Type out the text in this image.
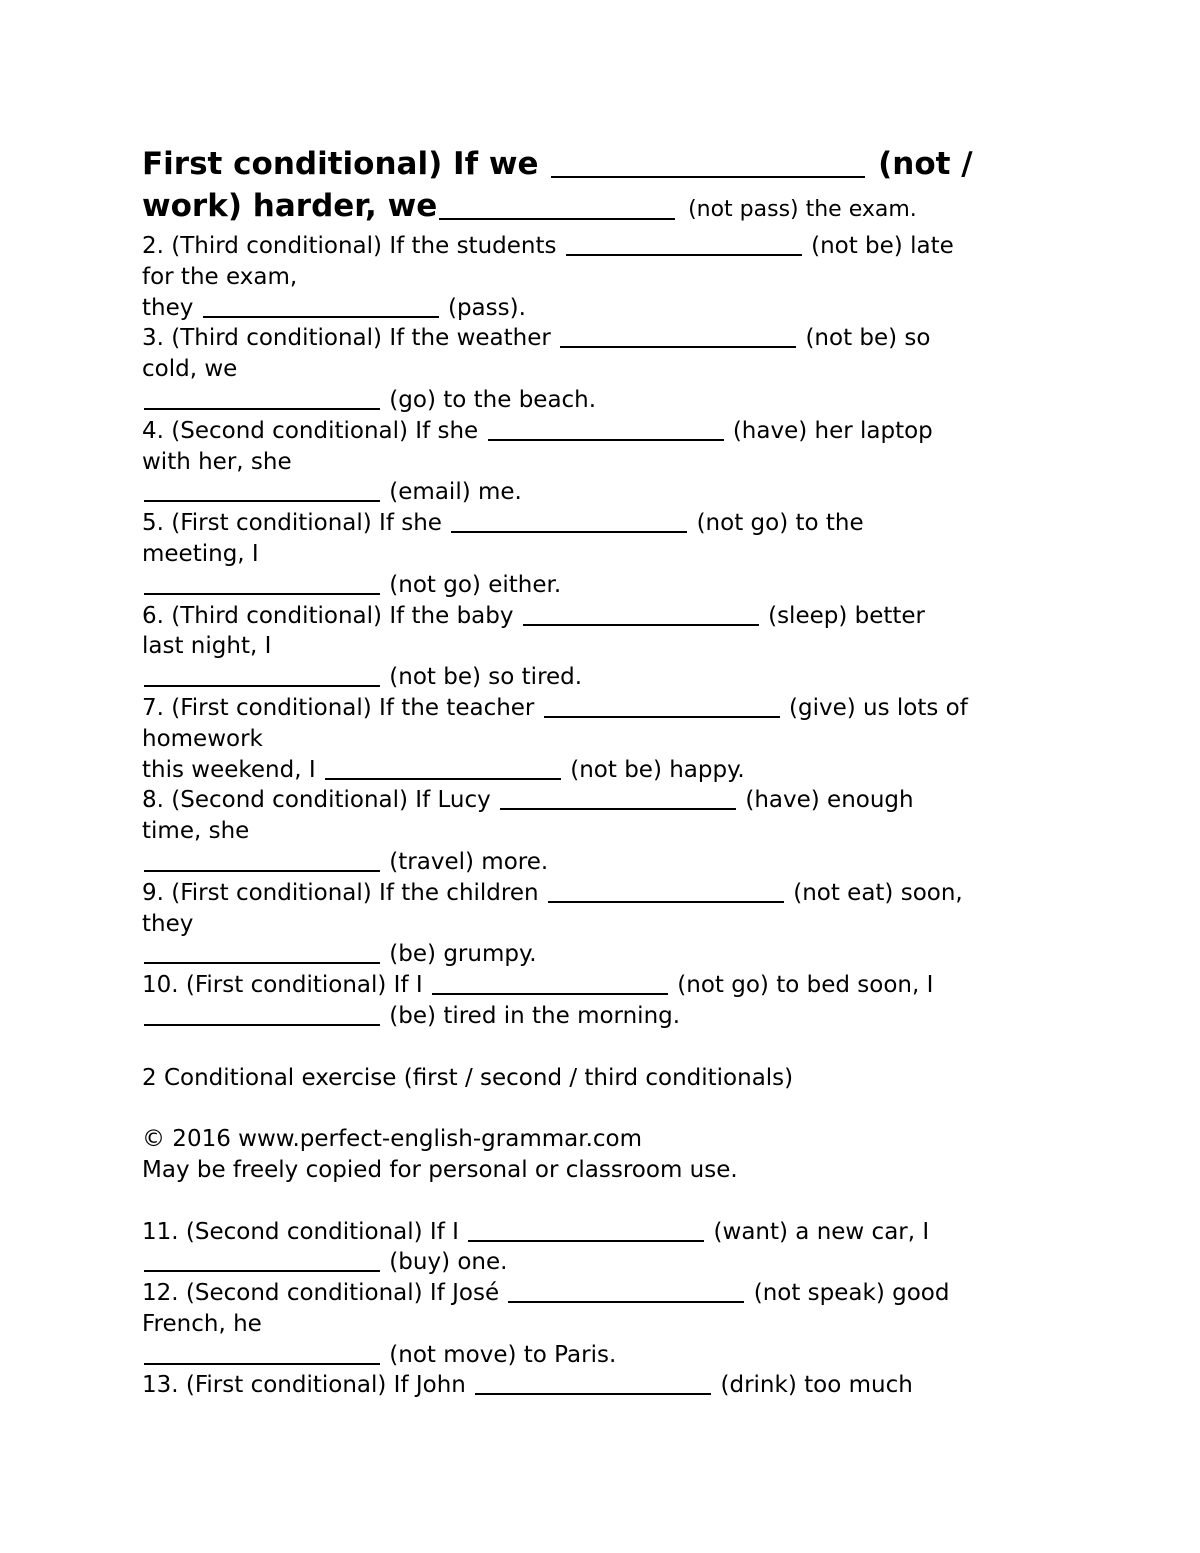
First conditional) If we	(not /
work) harder, we	(not pass) the exam.
2. (Third conditional) If the students	(not be) late
for the exam,
they	(pass).
3. (Third conditional) If the weather	(not be) so
cold, we
(go) to the beach.
4. (Second conditional) If she	(have) her laptop
with her, she
(email) me.
5. (First conditional) If she	(not go) to the
meeting, I
(not go) either.
6. (Third conditional) If the baby	(sleep) better
last night, I
(not be) so tired.
7. (First conditional) If the teacher	(give) us lots of
homework
this weekend, I	(not be) happy.
8. (Second conditional) If Lucy	(have) enough
time, she
(travel) more.
9. (First conditional) If the children	(not eat) soon,
they
(be) grumpy.
10. (First conditional) If I	(not go) to bed soon, I
(be) tired in the morning.
2 Conditional exercise (first / second / third conditionals)
© 2016 www.perfect-english-grammar.com
May be freely copied for personal or classroom use.
11. (Second conditional) If I	(want) a new car, I
(buy) one.
12. (Second conditional) If José	(not speak) good
French, he
(not move) to Paris.
13. (First conditional) If John	(drink) too much
